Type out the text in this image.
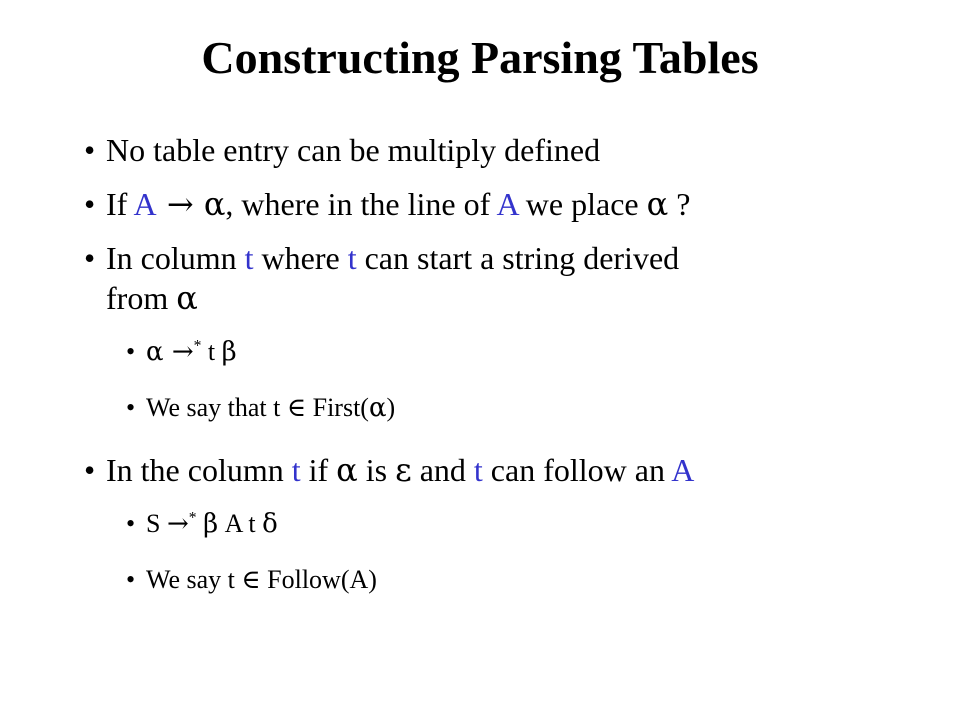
Constructing Parsing Tables
• No table entry can be multiply defined
• If A → α, where in the line of A we place α ?
• In column t where t can start a string derived
from α
• α →* t β
• We say that t ∈ First(α)
• In the column t if α is ε and t can follow an A
• S →* β A t δ
• We say t ∈ Follow(A)
